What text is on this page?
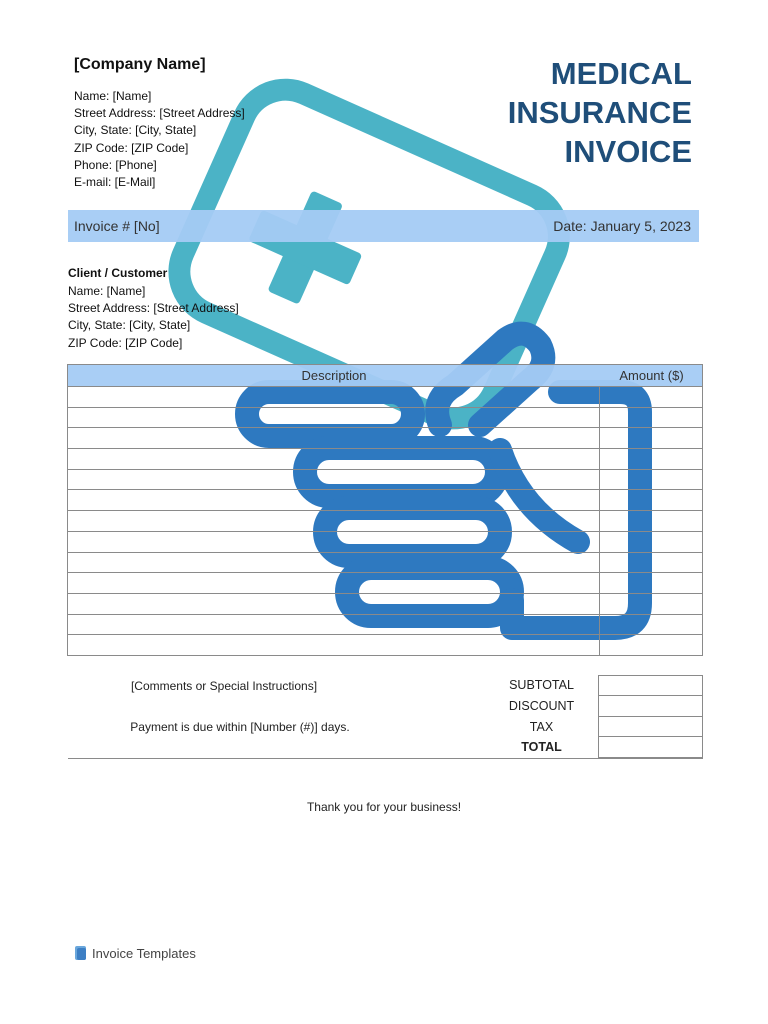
[Company Name]
Name: [Name]
Street Address: [Street Address]
City, State: [City, State]
ZIP Code: [ZIP Code]
Phone: [Phone]
E-mail: [E-Mail]
MEDICAL
INSURANCE
INVOICE
Invoice # [No]	Date: January 5, 2023
Client / Customer
Name: [Name]
Street Address: [Street Address]
City, State: [City, State]
ZIP Code: [ZIP Code]
Description	Amount ($)
[Comments or Special Instructions]
Payment is due within [Number (#)] days.
SUBTOTAL
DISCOUNT
TAX
TOTAL
Thank you for your business!
Invoice Templates
